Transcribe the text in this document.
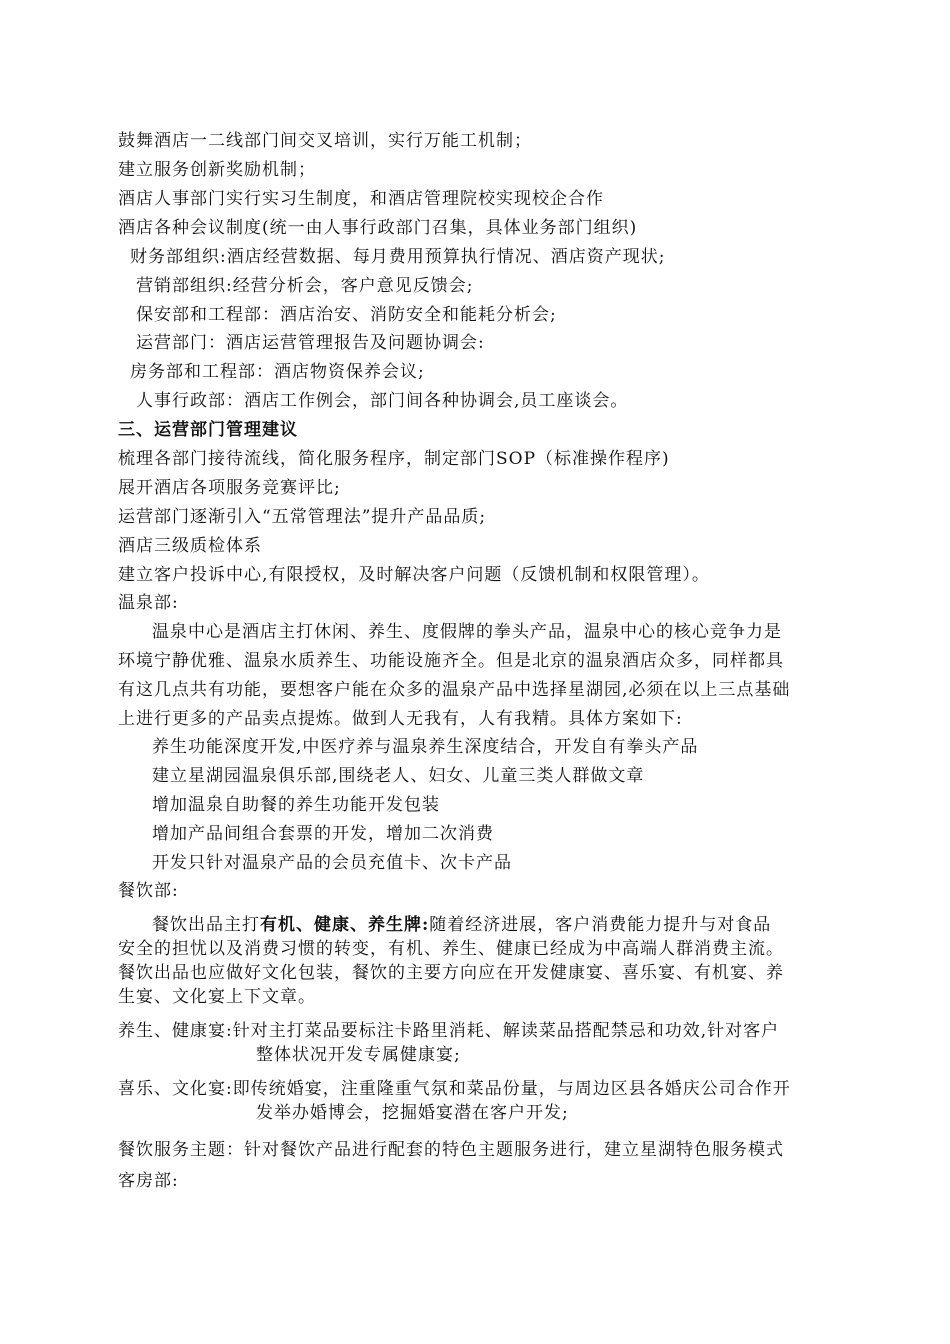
鼓舞酒店一二线部门间交叉培训，实行万能工机制；
建立服务创新奖励机制；
酒店人事部门实行实习生制度，和酒店管理院校实现校企合作
酒店各种会议制度(统一由人事行政部门召集，具体业务部门组织)
财务部组织:酒店经营数据、每月费用预算执行情况、酒店资产现状;
营销部组织:经营分析会，客户意见反馈会;
保安部和工程部：酒店治安、消防安全和能耗分析会;
运营部门：酒店运营管理报告及问题协调会:
房务部和工程部：酒店物资保养会议;
人事行政部：酒店工作例会，部门间各种协调会,员工座谈会。
三、运营部门管理建议
梳理各部门接待流线，简化服务程序，制定部门SOP（标准操作程序)
展开酒店各项服务竞赛评比;
运营部门逐渐引入“五常管理法”提升产品品质;
酒店三级质检体系
建立客户投诉中心,有限授权，及时解决客户问题（反馈机制和权限管理）。
温泉部:
温泉中心是酒店主打休闲、养生、度假牌的拳头产品，温泉中心的核心竞争力是
环境宁静优雅、温泉水质养生、功能设施齐全。但是北京的温泉酒店众多，同样都具
有这几点共有功能，要想客户能在众多的温泉产品中选择星湖园,必须在以上三点基础
上进行更多的产品卖点提炼。做到人无我有，人有我精。具体方案如下:
养生功能深度开发,中医疗养与温泉养生深度结合，开发自有拳头产品
建立星湖园温泉俱乐部,围绕老人、妇女、儿童三类人群做文章
增加温泉自助餐的养生功能开发包装
增加产品间组合套票的开发，增加二次消费
开发只针对温泉产品的会员充值卡、次卡产品
餐饮部:
餐饮出品主打有机、健康、养生牌:随着经济进展，客户消费能力提升与对食品
安全的担忧以及消费习惯的转变，有机、养生、健康已经成为中高端人群消费主流。
餐饮出品也应做好文化包装，餐饮的主要方向应在开发健康宴、喜乐宴、有机宴、养
生宴、文化宴上下文章。
养生、健康宴:针对主打菜品要标注卡路里消耗、解读菜品搭配禁忌和功效,针对客户
整体状况开发专属健康宴;
喜乐、文化宴:即传统婚宴，注重隆重气氛和菜品份量，与周边区县各婚庆公司合作开
发举办婚博会，挖掘婚宴潜在客户开发;
餐饮服务主题：针对餐饮产品进行配套的特色主题服务进行，建立星湖特色服务模式
客房部:
